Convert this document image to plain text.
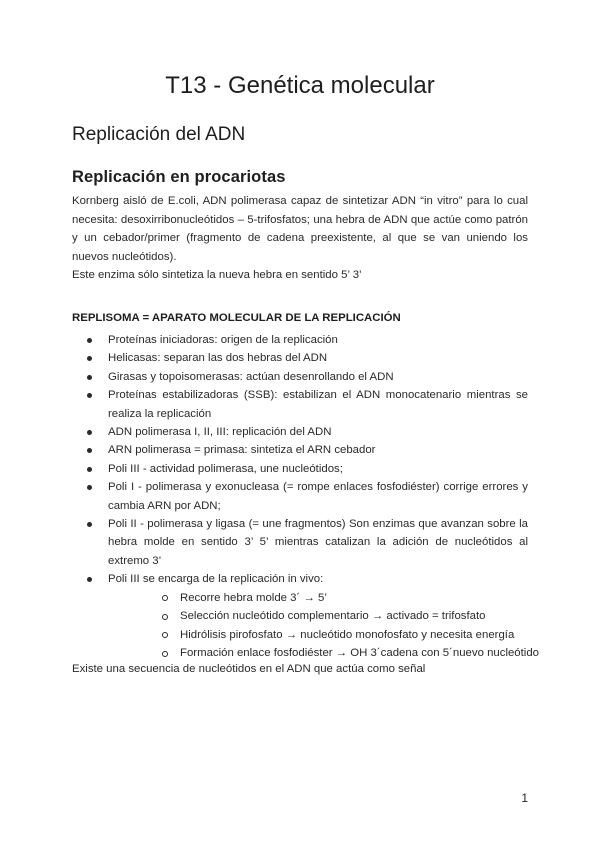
T13 - Genética molecular
Replicación del ADN
Replicación en procariotas

Kornberg aisló de E.coli, ADN polimerasa capaz de sintetizar ADN “in vitro” para lo cual necesita: desoxirribonucleótidos – 5-trifosfatos; una hebra de ADN que actúe como patrón y un cebador/primer (fragmento de cadena preexistente, al que se van uniendo los nuevos nucleótidos).

Este enzima sólo sintetiza la nueva hebra en sentido 5’ 3’

REPLISOMA = APARATO MOLECULAR DE LA REPLICACIÓN

Proteínas iniciadoras: origen de la replicación
Helicasas: separan las dos hebras del ADN
Girasas y topoisomerasas: actúan desenrollando el ADN
Proteínas estabilizadoras (SSB): estabilizan el ADN monocatenario mientras se realiza la replicación
ADN polimerasa I, II, III: replicación del ADN
ARN polimerasa = primasa: sintetiza el ARN cebador
Poli III - actividad polimerasa, une nucleótidos;
Poli I - polimerasa y exonucleasa (= rompe enlaces fosfodiéster) corrige errores y cambia ARN por ADN;
Poli II - polimerasa y ligasa (= une fragmentos) Son enzimas que avanzan sobre la hebra molde en sentido 3’ 5’ mientras catalizan la adición de nucleótidos al extremo 3’
Poli III se encarga de la replicación in vivo:
Recorre hebra molde 3´ → 5’
Selección nucleótido complementario → activado = trifosfato
Hidrólisis pirofosfato → nucleótido monofosfato y necesita energía
Formación enlace fosfodiéster → OH 3´cadena con 5´nuevo nucleótido

Existe una secuencia de nucleótidos en el ADN que actúa como señal

1
